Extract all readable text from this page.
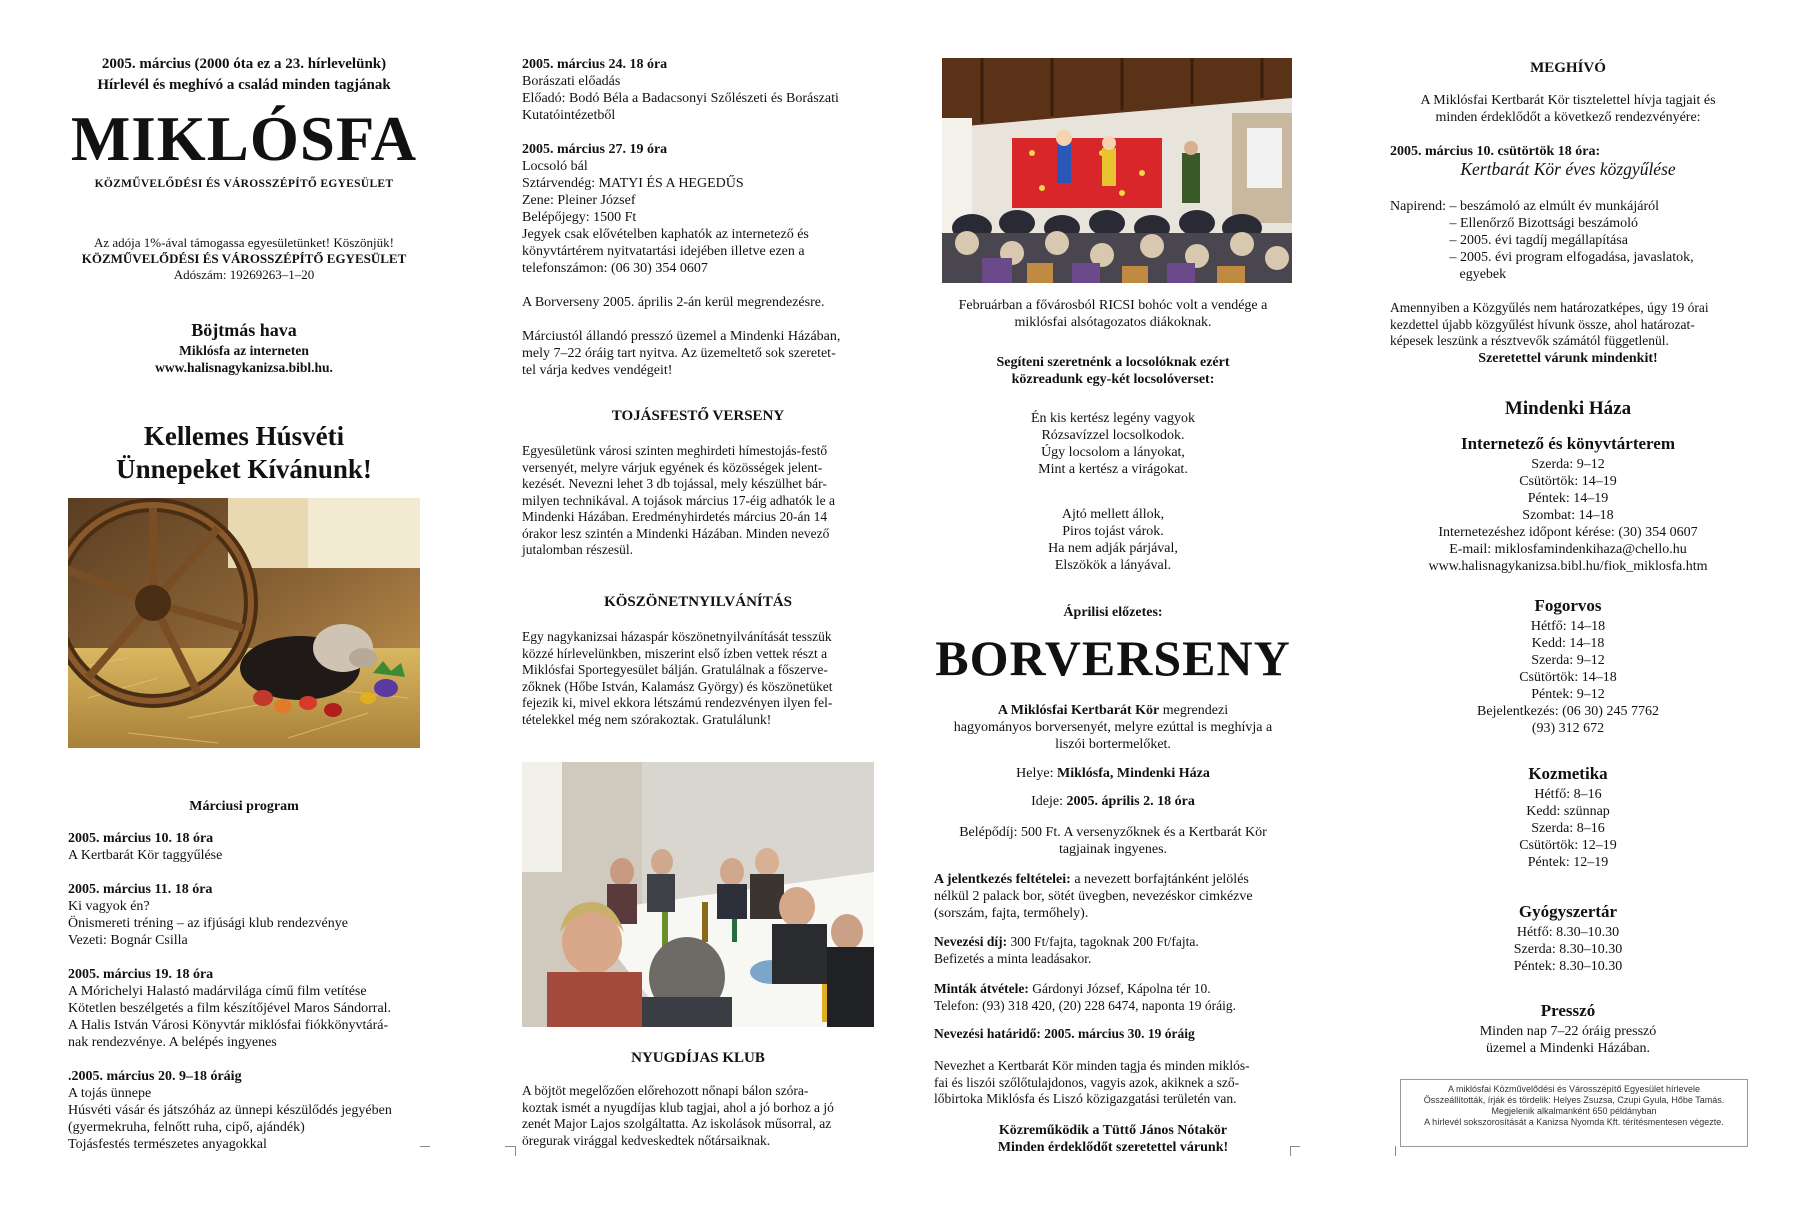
2005. március (2000 óta ez a 23. hírlevelünk)

Hírlevél és meghívó a család minden tagjának

MIKLÓSFA
KÖZMŰVELŐDÉSI ÉS VÁROSSZÉPÍTŐ EGYESÜLET

Az adója 1%-ával támogassa egyesületünket! Köszönjük!

KÖZMŰVELŐDÉSI ÉS VÁROSSZÉPÍTŐ EGYESÜLET

Adószám: 19269263–1–20

Böjtmás hava

Miklósfa az interneten

www.halisnagykanizsa.bibl.hu.

Kellemes Húsvéti

Ünnepeket Kívánunk!

Márciusi program

2005. március 10. 18 óra

A Kertbarát Kör taggyűlése

2005. március 11. 18 óra

Ki vagyok én?

Önismereti tréning – az ifjúsági klub rendezvénye

Vezeti: Bognár Csilla

2005. március 19. 18 óra

A Mórichelyi Halastó madárvilága című film vetítése

Kötetlen beszélgetés a film készítőjével Maros Sándorral.

A Halis István Városi Könyvtár miklósfai fiókkönyvtárá-

nak rendezvénye. A belépés ingyenes

.2005. március 20. 9–18 óráig

A tojás ünnepe

Húsvéti vásár és játszóház az ünnepi készülődés jegyében

(gyermekruha, felnőtt ruha, cipő, ajándék)

Tojásfestés természetes anyagokkal

2005. március 24. 18 óra

Borászati előadás

Előadó: Bodó Béla a Badacsonyi Szőlészeti és Borászati

Kutatóintézetből

2005. március 27. 19 óra

Locsoló bál

Sztárvendég: MATYI ÉS A HEGEDŰS

Zene: Pleiner József

Belépőjegy: 1500 Ft

Jegyek csak elővételben kaphatók az internetező és

könyvtártérem nyitvatartási idejében illetve ezen a

telefonszámon: (06 30) 354 0607

A Borverseny 2005. április 2-án kerül megrendezésre.

Márciustól állandó presszó üzemel a Mindenki Házában,

mely 7–22 óráig tart nyitva. Az üzemeltető sok szeretet-

tel várja kedves vendégeit!

TOJÁSFESTŐ VERSENY

Egyesületünk városi szinten meghirdeti hímestojás-festő

versenyét, melyre várjuk egyének és közösségek jelent-

kezését. Nevezni lehet 3 db tojással, mely készülhet bár-

milyen technikával. A tojások március 17-éig adhatók le a

Mindenki Házában. Eredményhirdetés március 20-án 14

órakor lesz szintén a Mindenki Házában. Minden nevező

jutalomban részesül.

KÖSZÖNETNYILVÁNÍTÁS

Egy nagykanizsai házaspár köszönetnyilvánítását tesszük

közzé hírlevelünkben, miszerint első ízben vettek részt a

Miklósfai Sportegyesület bálján. Gratulálnak a főszerve-

zőknek (Hőbe István, Kalamász György) és köszönetüket

fejezik ki, mivel ekkora létszámú rendezvényen ilyen fel-

tételekkel még nem szórakoztak. Gratulálunk!

NYUGDÍJAS KLUB

A böjtöt megelőzően előrehozott nőnapi bálon szóra-

koztak ismét a nyugdíjas klub tagjai, ahol a jó borhoz a jó

zenét Major Lajos szolgáltatta. Az iskolások műsorral, az

öregurak virággal kedveskedtek nőtársaiknak.

Februárban a fővárosból RICSI bohóc volt a vendége a

miklósfai alsótagozatos diákoknak.

Segíteni szeretnénk a locsolóknak ezért

közreadunk egy-két locsolóverset:

Én kis kertész legény vagyok

Rózsavízzel locsolkodok.

Úgy locsolom a lányokat,

Mint a kertész a virágokat.

Ajtó mellett állok,

Piros tojást várok.

Ha nem adják párjával,

Elszökök a lányával.

Áprilisi előzetes:
BORVERSENY

A Miklósfai Kertbarát Kör megrendezi

hagyományos borversenyét, melyre ezúttal is meghívja a

liszói bortermelőket.

Helye: Miklósfa, Mindenki Háza
Ideje: 2005. április 2. 18 óra

Belépődíj: 500 Ft. A versenyzőknek és a Kertbarát Kör

tagjainak ingyenes.

A jelentkezés feltételei: a nevezett borfajtánként jelölés

nélkül 2 palack bor, sötét üvegben, nevezéskor cimkézve

(sorszám, fajta, termőhely).

Nevezési díj: 300 Ft/fajta, tagoknak 200 Ft/fajta.

Befizetés a minta leadásakor.

Minták átvétele: Gárdonyi József, Kápolna tér 10.

Telefon: (93) 318 420, (20) 228 6474, naponta 19 óráig.

Nevezési határidő: 2005. március 30. 19 óráig

Nevezhet a Kertbarát Kör minden tagja és minden miklós-

fai és liszói szőlőtulajdonos, vagyis azok, akiknek a sző-

lőbirtoka Miklósfa és Liszó közigazgatási területén van.

Közreműködik a Tüttő János Nótakör

Minden érdeklődőt szeretettel várunk!

MEGHÍVÓ

A Miklósfai Kertbarát Kör tisztelettel hívja tagjait és

minden érdeklődőt a következő rendezvényére:

2005. március 10. csütörtök 18 óra:
Kertbarát Kör éves közgyűlése
Napirend: – beszámoló az elmúlt év munkájáról

– Ellenőrző Bizottsági beszámoló

– 2005. évi tagdíj megállapítása

– 2005. évi program elfogadása, javaslatok,

egyebek

Amennyiben a Közgyűlés nem határozatképes, úgy 19 órai

kezdettel újabb közgyűlést hívunk össze, ahol határozat-

képesek leszünk a résztvevők számától függetlenül.

Szeretettel várunk mindenkit!
Mindenki Háza
Internetező és könyvtárterem

Szerda: 9–12

Csütörtök: 14–19

Péntek: 14–19

Szombat: 14–18

Internetezéshez időpont kérése: (30) 354 0607

E-mail: miklosfamindenkihaza@chello.hu

www.halisnagykanizsa.bibl.hu/fiok_miklosfa.htm

Fogorvos

Hétfő: 14–18

Kedd: 14–18

Szerda: 9–12

Csütörtök: 14–18

Péntek: 9–12

Bejelentkezés: (06 30) 245 7762

(93) 312 672

Kozmetika

Hétfő: 8–16

Kedd: szünnap

Szerda: 8–16

Csütörtök: 12–19

Péntek: 12–19

Gyógyszertár

Hétfő: 8.30–10.30

Szerda: 8.30–10.30

Péntek: 8.30–10.30

Presszó

Minden nap 7–22 óráig presszó

üzemel a Mindenki Házában.

A miklósfai Közművelődési és Városszépítő Egyesület hírlevele

Összeállították, írják és tördelik: Helyes Zsuzsa, Czupi Gyula, Hőbe Tamás.

Megjelenik alkalmanként 650 példányban

A hírlevél sokszorosítását a Kanizsa Nyomda Kft. térítésmentesen végezte.
